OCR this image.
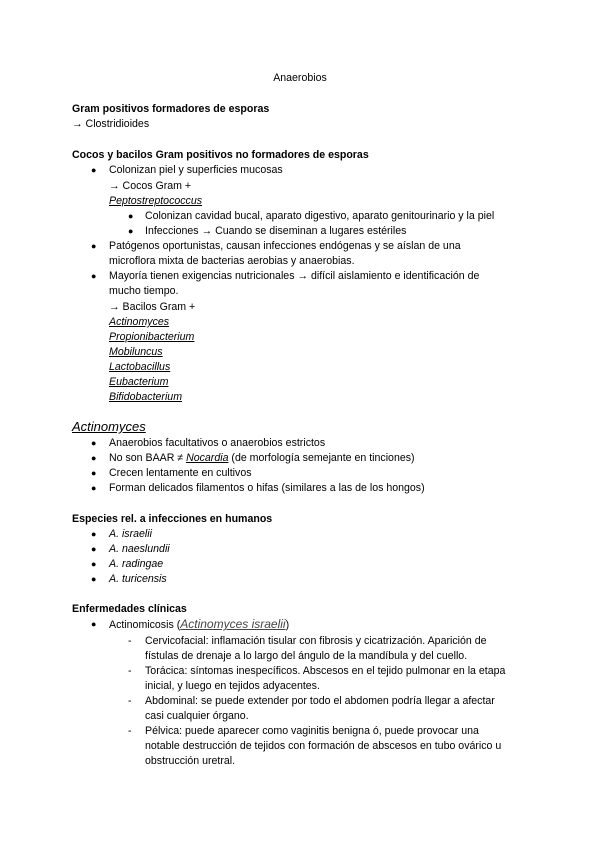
Anaerobios
Gram positivos formadores de esporas
→ Clostridioides
Cocos y bacilos Gram positivos no formadores de esporas
● Colonizan piel y superficies mucosas
→ Cocos Gram +
Peptostreptococcus
● Colonizan cavidad bucal, aparato digestivo, aparato genitourinario y la piel
● Infecciones → Cuando se diseminan a lugares estériles
● Patógenos oportunistas, causan infecciones endógenas y se aíslan de una
microflora mixta de bacterias aerobias y anaerobias.
● Mayoría tienen exigencias nutricionales → difícil aislamiento e identificación de
mucho tiempo.
→ Bacilos Gram +
Actinomyces
Propionibacterium
Mobiluncus
Lactobacillus
Eubacterium
Bifidobacterium
Actinomyces
● Anaerobios facultativos o anaerobios estrictos
● No son BAAR ≠ Nocardia (de morfología semejante en tinciones)
● Crecen lentamente en cultivos
● Forman delicados filamentos o hifas (similares a las de los hongos)
Especies rel. a infecciones en humanos
● A. israelii
● A. naeslundii
● A. radingae
● A. turicensis
Enfermedades clínicas
● Actinomicosis (Actinomyces israelii)
- Cervicofacial: inflamación tisular con fibrosis y cicatrización. Aparición de
fístulas de drenaje a lo largo del ángulo de la mandíbula y del cuello.
- Torácica: síntomas inespecíficos. Abscesos en el tejido pulmonar en la etapa
inicial, y luego en tejidos adyacentes.
- Abdominal: se puede extender por todo el abdomen podría llegar a afectar
casi cualquier órgano.
- Pélvica: puede aparecer como vaginitis benigna ó, puede provocar una
notable destrucción de tejidos con formación de abscesos en tubo ovárico u
obstrucción uretral.
